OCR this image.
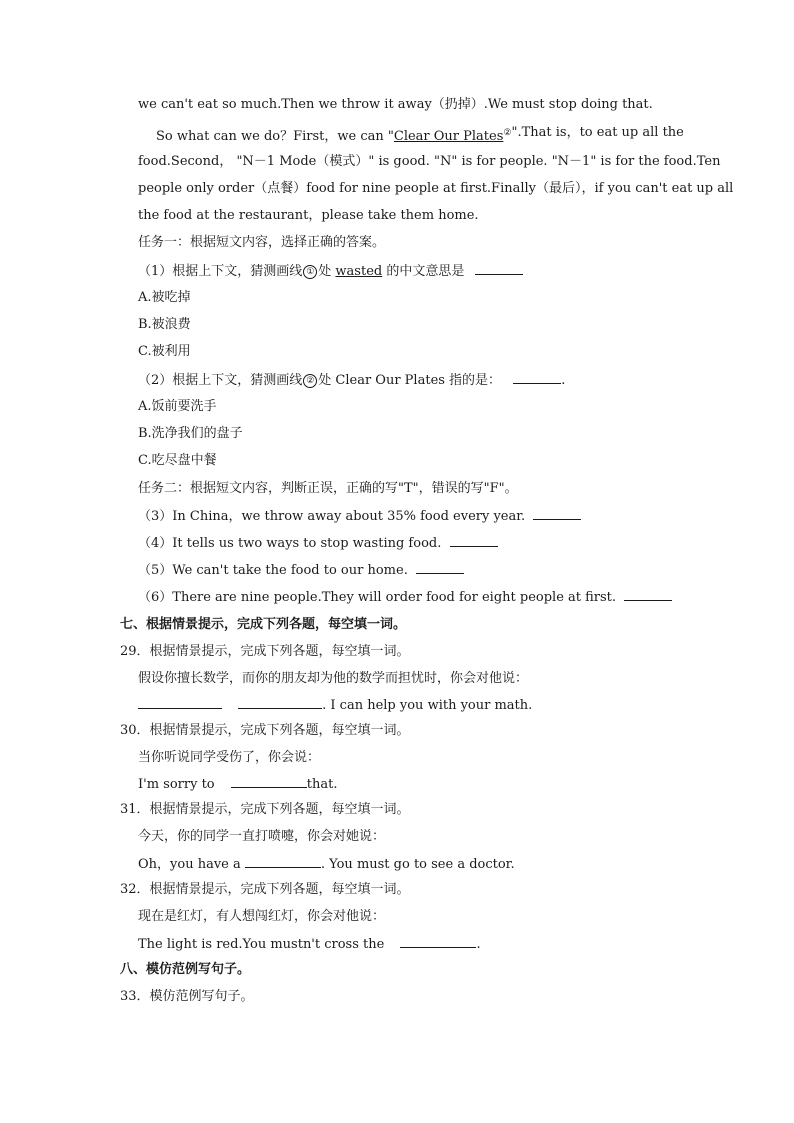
we can't eat so much.Then we throw it away（扔掉）.We must stop doing that.
So what can we do？First，we can "Clear Our Plates② ".That is，to eat up all the
food.Second， "N－1 Mode（模式）" is good. "N" is for people. "N－1" is for the food.Ten
people only order（点餐）food for nine people at first.Finally（最后），if you can't eat up all
the food at the restaurant，please take them home.
任务一：根据短文内容，选择正确的答案。
（1）根据上下文，猜测画线 ① 处 wasted 的中文意思是
A.被吃掉
B.被浪费
C.被利用
（2）根据上下文，猜测画线 ② 处 Clear Our Plates 指的是：	.
A.饭前要洗手
B.洗净我们的盘子
C.吃尽盘中餐
任务二：根据短文内容，判断正误，正确的写"T"，错误的写"F"。
（3）In China，we throw away about 35% food every year.
（4）It tells us two ways to stop wasting food.
（5）We can't take the food to our home.
（6）There are nine people.They will order food for eight people at first.
七、根据情景提示，完成下列各题，每空填一词。
29．根据情景提示，完成下列各题，每空填一词。
假设你擅长数学，而你的朋友却为他的数学而担忧时，你会对他说：
. I can help you with your math.
30．根据情景提示，完成下列各题，每空填一词。
当你听说同学受伤了，你会说：
I'm sorry to	that.
31．根据情景提示，完成下列各题，每空填一词。
今天，你的同学一直打喷嚏，你会对她说：
Oh，you have a	. You must go to see a doctor.
32．根据情景提示，完成下列各题，每空填一词。
现在是红灯，有人想闯红灯，你会对他说：
The light is red.You mustn't cross the	.
八、模仿范例写句子。
33．模仿范例写句子。
